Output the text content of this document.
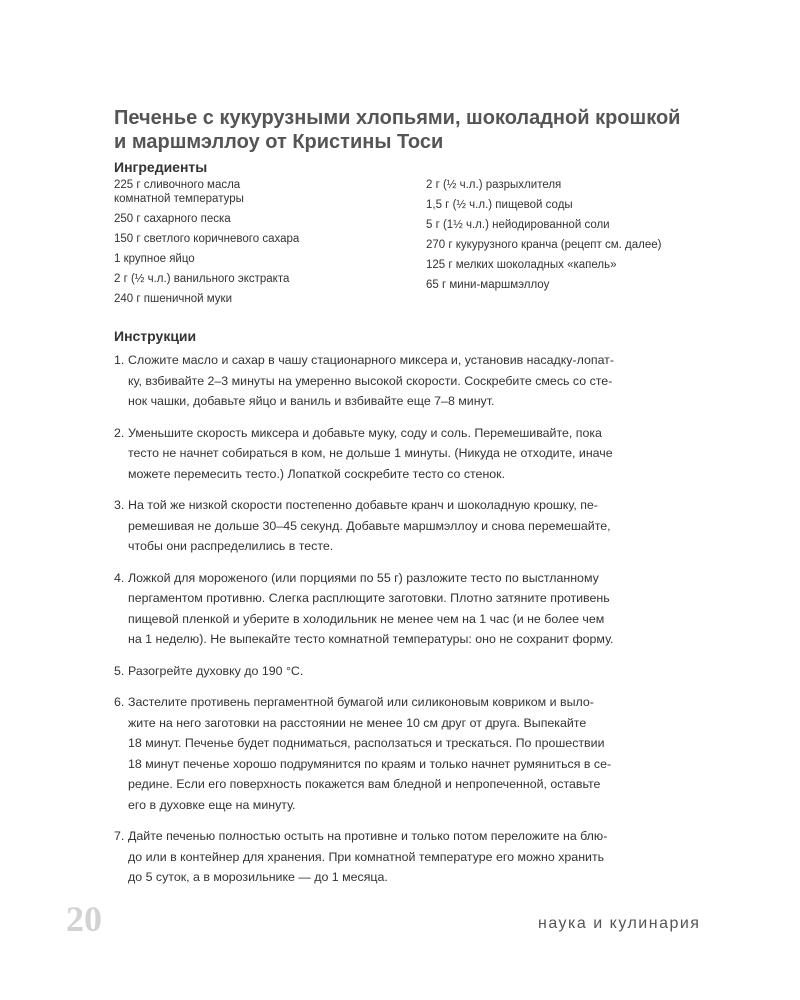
Печенье с кукурузными хлопьями, шоколадной крошкой
и маршмэллоу от Кристины Тоси
Ингредиенты
225 г сливочного масла
комнатной температуры
250 г сахарного песка
150 г светлого коричневого сахара
1 крупное яйцо
2 г (½ ч.л.) ванильного экстракта
240 г пшеничной муки
2 г (½ ч.л.) разрыхлителя
1,5 г (½ ч.л.) пищевой соды
5 г (1½ ч.л.) нейодированной соли
270 г кукурузного кранча (рецепт см. далее)
125 г мелких шоколадных «капель»
65 г мини-маршмэллоу
Инструкции
1. Сложите масло и сахар в чашу стационарного миксера и, установив насадку-лопат-
ку, взбивайте 2–3 минуты на умеренно высокой скорости. Соскребите смесь со сте-
нок чашки, добавьте яйцо и ваниль и взбивайте еще 7–8 минут.
2. Уменьшите скорость миксера и добавьте муку, соду и соль. Перемешивайте, пока
тесто не начнет собираться в ком, не дольше 1 минуты. (Никуда не отходите, иначе
можете перемесить тесто.) Лопаткой соскребите тесто со стенок.
3. На той же низкой скорости постепенно добавьте кранч и шоколадную крошку, пе-
ремешивая не дольше 30–45 секунд. Добавьте маршмэллоу и снова перемешайте,
чтобы они распределились в тесте.
4. Ложкой для мороженого (или порциями по 55 г) разложите тесто по выстланному
пергаментом противню. Слегка расплющите заготовки. Плотно затяните противень
пищевой пленкой и уберите в холодильник не менее чем на 1 час (и не более чем
на 1 неделю). Не выпекайте тесто комнатной температуры: оно не сохранит форму.
5. Разогрейте духовку до 190 °C.
6. Застелите противень пергаментной бумагой или силиконовым ковриком и выло-
жите на него заготовки на расстоянии не менее 10 см друг от друга. Выпекайте
18 минут. Печенье будет подниматься, расползаться и трескаться. По прошествии
18 минут печенье хорошо подрумянится по краям и только начнет румяниться в се-
редине. Если его поверхность покажется вам бледной и непропеченной, оставьте
его в духовке еще на минуту.
7. Дайте печенью полностью остыть на противне и только потом переложите на блю-
до или в контейнер для хранения. При комнатной температуре его можно хранить
до 5 суток, а в морозильнике — до 1 месяца.
20	наука и кулинария
